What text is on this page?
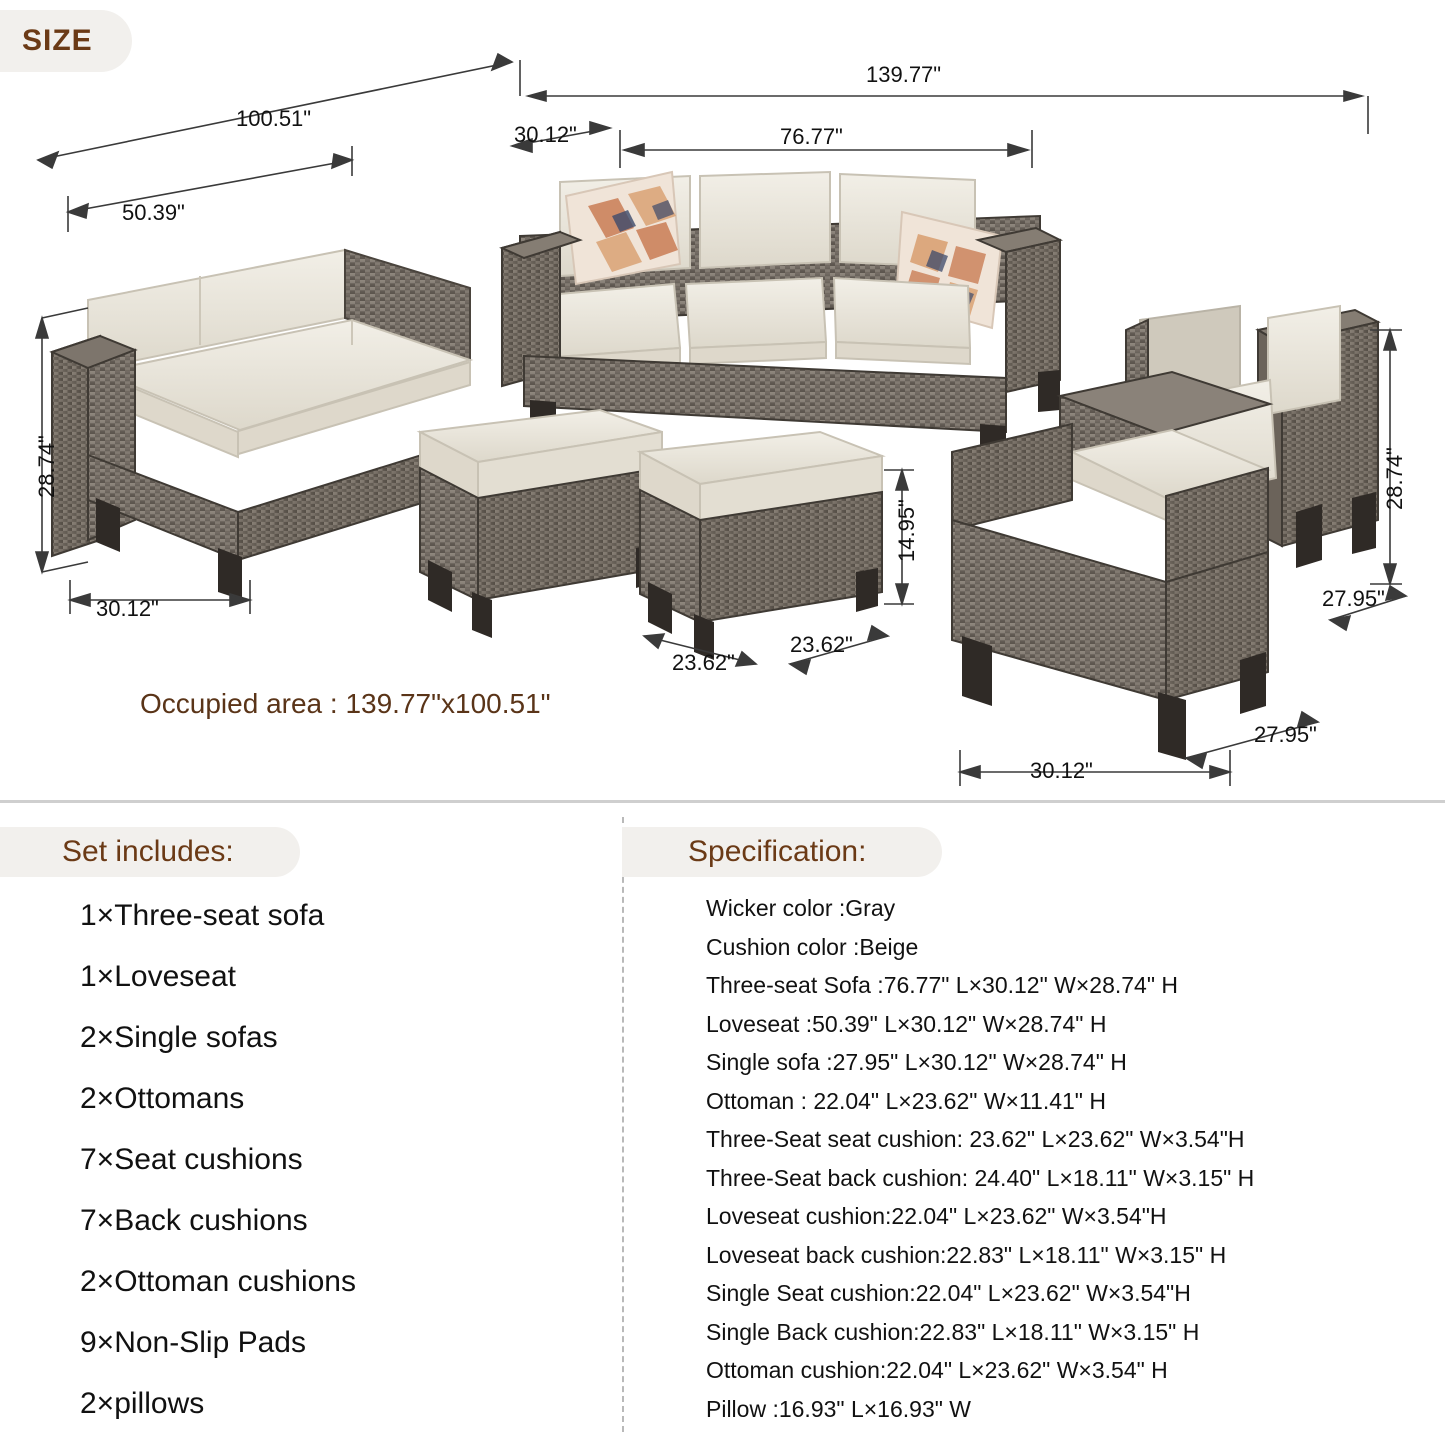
SIZE
139.77"
100.51"
50.39"
30.12"	76.77"
28.74"
30.12"
14.95"
23.62"
23.62"
28.74"
27.95"
27.95"
30.12"
Occupied area : 139.77"x100.51"
Set includes:
1×Three-seat sofa
1×Loveseat
2×Single sofas
2×Ottomans
7×Seat cushions
7×Back cushions
2×Ottoman cushions
9×Non-Slip Pads
2×pillows
Specification:
Wicker color :Gray
Cushion color :Beige
Three-seat Sofa :76.77" L×30.12" W×28.74" H
Loveseat :50.39" L×30.12" W×28.74" H
Single sofa :27.95" L×30.12" W×28.74" H
Ottoman : 22.04" L×23.62" W×11.41" H
Three-Seat seat cushion: 23.62" L×23.62" W×3.54"H
Three-Seat back cushion: 24.40" L×18.11" W×3.15" H
Loveseat cushion:22.04" L×23.62" W×3.54"H
Loveseat back cushion:22.83" L×18.11" W×3.15" H
Single Seat cushion:22.04" L×23.62" W×3.54"H
Single Back cushion:22.83" L×18.11" W×3.15" H
Ottoman cushion:22.04" L×23.62" W×3.54" H
Pillow :16.93" L×16.93" W
